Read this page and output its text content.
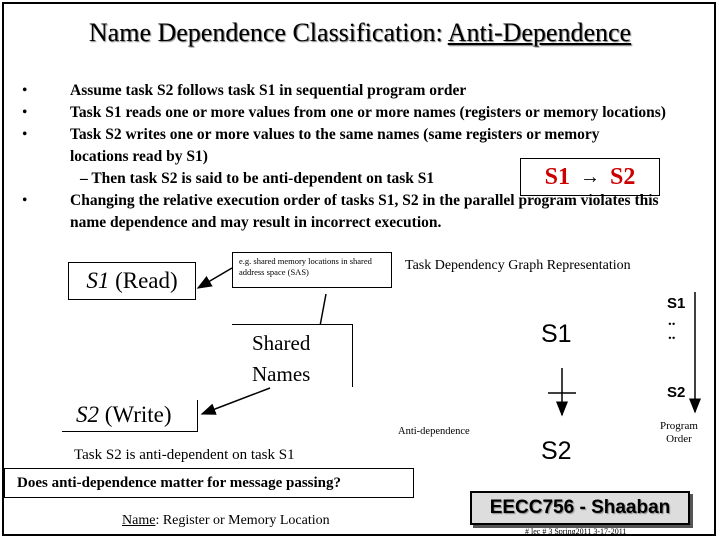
Name Dependence Classification: Anti-Dependence
•	Assume task S2 follows task S1 in sequential program order
•	Task S1 reads one or more values from one or more names (registers or memory locations)
•	Task S2 writes one or more values to the same names (same registers or memory locations read by S1)
– Then task S2 is said to be anti-dependent on task S1
•	Changing the relative execution order of tasks S1, S2 in the parallel program violates this name dependence and may result in incorrect execution.
S1 → S2
S1 (Read)
e.g. shared memory locations in shared address space (SAS)	Task Dependency Graph Representation
Shared
Names
S1
S1
..
..
S2
S2 (Write)
Anti-dependence
S2
Program
Order
Task S2 is anti-dependent on task S1
Does anti-dependence matter for message passing?
Name: Register or Memory Location
EECC756 - Shaaban
# lec # 3 Spring2011 3-17-2011
